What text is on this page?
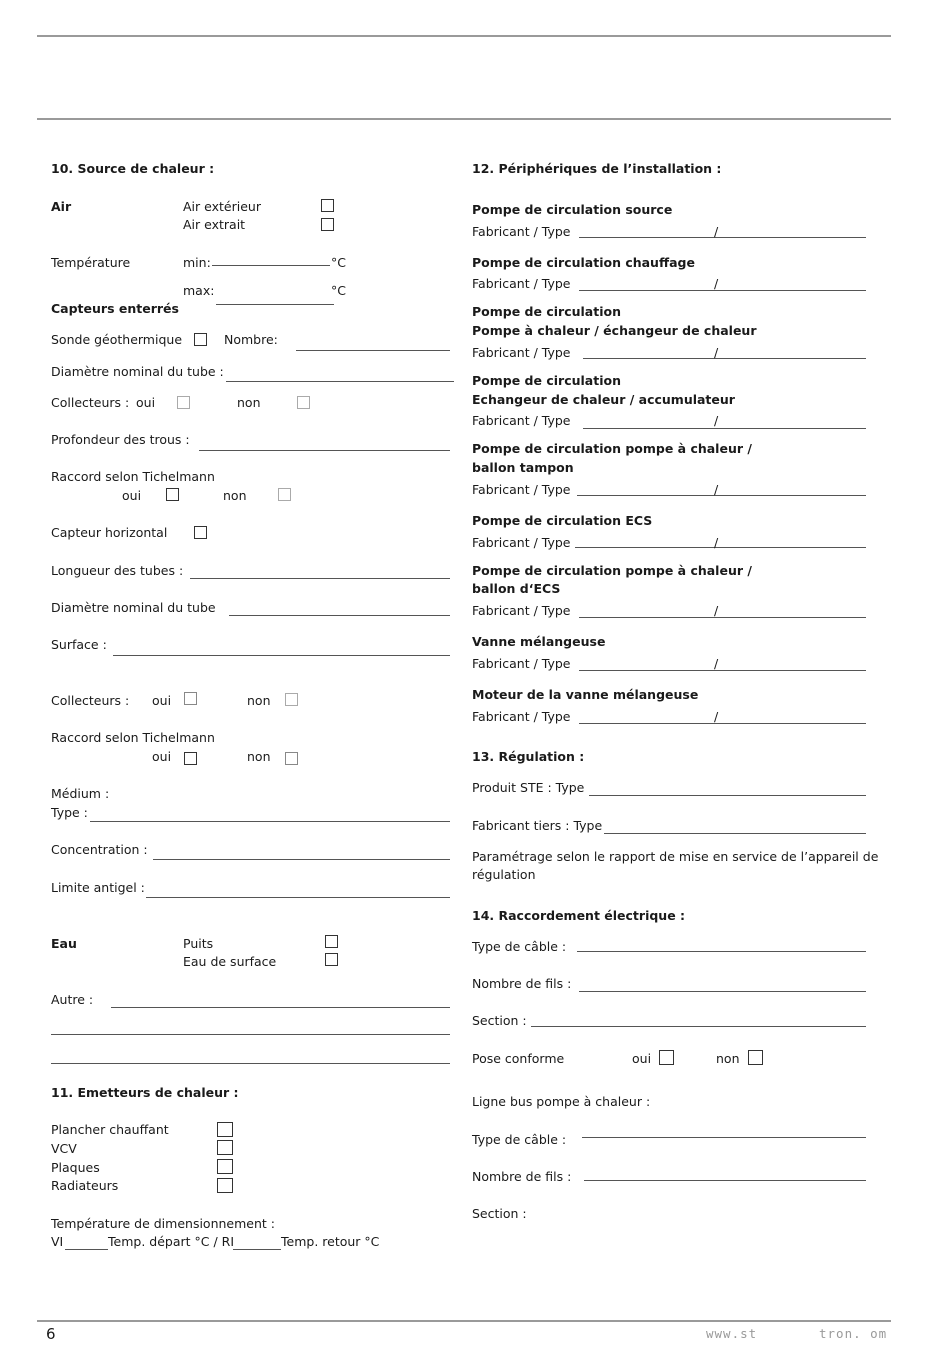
10. Source de chaleur :
Air	Air extérieur
Air extrait
Température	min:	°C
max:	°C
Capteurs enterrés
Sonde géothermique	Nombre:
Diamètre nominal du tube :
Collecteurs : oui	non
Profondeur des trous :
Raccord selon Tichelmann
oui	non
Capteur horizontal
Longueur des tubes :
Diamètre nominal du tube
Surface :
Collecteurs : oui	non
Raccord selon Tichelmann
oui	non
Médium :
Type :
Concentration :
Limite antigel :
Eau	Puits
Eau de surface
Autre :
11. Emetteurs de chaleur :
Plancher chauffant
VCV
Plaques
Radiateurs
Température de dimensionnement :
VI	Temp. départ °C / RI	Temp. retour °C
12. Périphériques de l’installation :
Pompe de circulation source
Fabricant / Type	/
Pompe de circulation chauffage
Fabricant / Type	/
Pompe de circulation
Pompe à chaleur / échangeur de chaleur
Fabricant / Type	/
Pompe de circulation
Echangeur de chaleur / accumulateur
Fabricant / Type	/
Pompe de circulation pompe à chaleur /
ballon tampon
Fabricant / Type	/
Pompe de circulation ECS
Fabricant / Type	/
Pompe de circulation pompe à chaleur /
ballon d‘ECS
Fabricant / Type	/
Vanne mélangeuse
Fabricant / Type	/
Moteur de la vanne mélangeuse
Fabricant / Type	/
13. Régulation :
Produit STE : Type
Fabricant tiers : Type
Paramétrage selon le rapport de mise en service de l’appareil de
régulation
14. Raccordement électrique :
Type de câble :
Nombre de fils :
Section :
Pose conforme	oui	non
Ligne bus pompe à chaleur :
Type de câble :
Nombre de fils :
Section :
6	www.st	tron. om
